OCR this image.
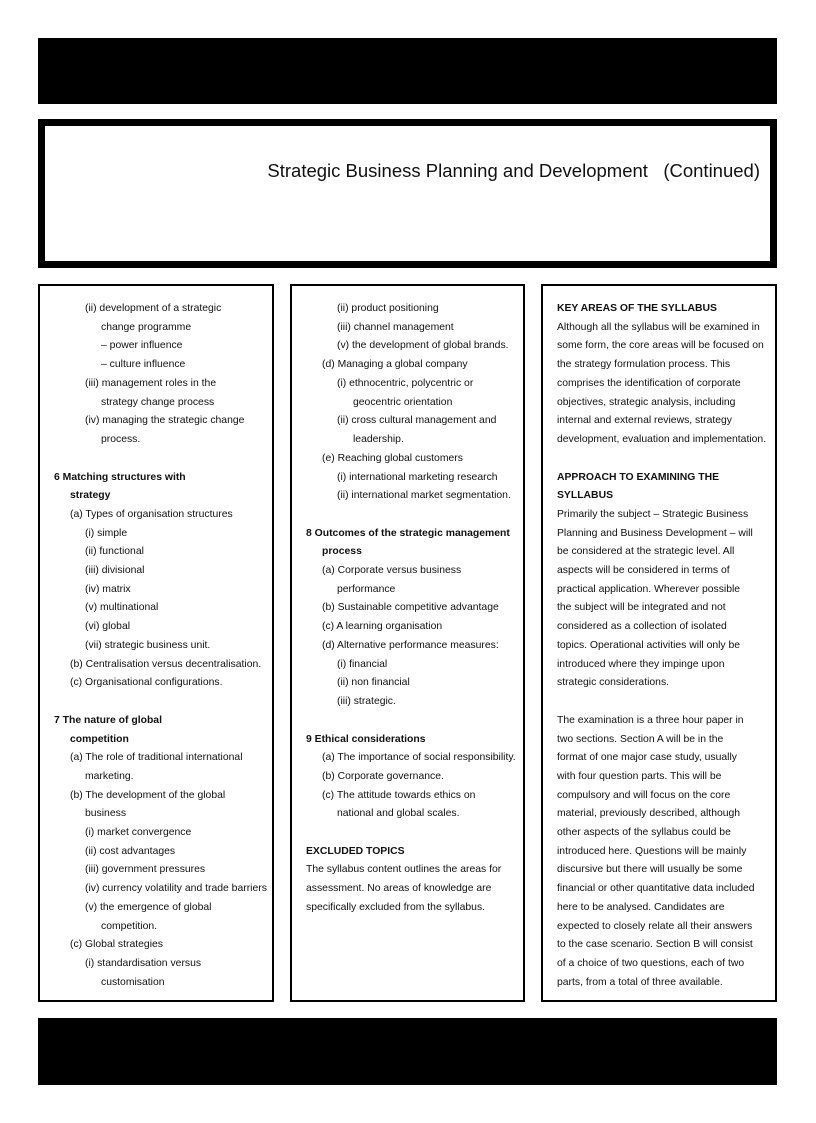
Strategic Business Planning and Development   (Continued)
(ii) development of a strategic
change programme
– power influence
– culture influence
(iii) management roles in the
strategy change process
(iv) managing the strategic change
process.
6 Matching structures with
strategy
(a) Types of organisation structures
(i) simple
(ii) functional
(iii) divisional
(iv) matrix
(v) multinational
(vi) global
(vii) strategic business unit.
(b) Centralisation versus decentralisation.
(c) Organisational configurations.
7 The nature of global
competition
(a) The role of traditional international
marketing.
(b) The development of the global
business
(i) market convergence
(ii) cost advantages
(iii) government pressures
(iv) currency volatility and trade barriers
(v) the emergence of global
competition.
(c) Global strategies
(i) standardisation versus
customisation
(ii) product positioning
(iii) channel management
(v) the development of global brands.
(d) Managing a global company
(i) ethnocentric, polycentric or
geocentric orientation
(ii) cross cultural management and
leadership.
(e) Reaching global customers
(i) international marketing research
(ii) international market segmentation.
8 Outcomes of the strategic management
process
(a) Corporate versus business
performance
(b) Sustainable competitive advantage
(c) A learning organisation
(d) Alternative performance measures:
(i) financial
(ii) non financial
(iii) strategic.
9 Ethical considerations
(a) The importance of social responsibility.
(b) Corporate governance.
(c) The attitude towards ethics on
national and global scales.
EXCLUDED TOPICS
The syllabus content outlines the areas for
assessment. No areas of knowledge are
specifically excluded from the syllabus.
KEY AREAS OF THE SYLLABUS
Although all the syllabus will be examined in
some form, the core areas will be focused on
the strategy formulation process. This
comprises the identification of corporate
objectives, strategic analysis, including
internal and external reviews, strategy
development, evaluation and implementation.
APPROACH TO EXAMINING THE
SYLLABUS
Primarily the subject – Strategic Business
Planning and Business Development – will
be considered at the strategic level. All
aspects will be considered in terms of
practical application. Wherever possible
the subject will be integrated and not
considered as a collection of isolated
topics. Operational activities will only be
introduced where they impinge upon
strategic considerations.
The examination is a three hour paper in
two sections. Section A will be in the
format of one major case study, usually
with four question parts. This will be
compulsory and will focus on the core
material, previously described, although
other aspects of the syllabus could be
introduced here. Questions will be mainly
discursive but there will usually be some
financial or other quantitative data included
here to be analysed. Candidates are
expected to closely relate all their answers
to the case scenario. Section B will consist
of a choice of two questions, each of two
parts, from a total of three available.
